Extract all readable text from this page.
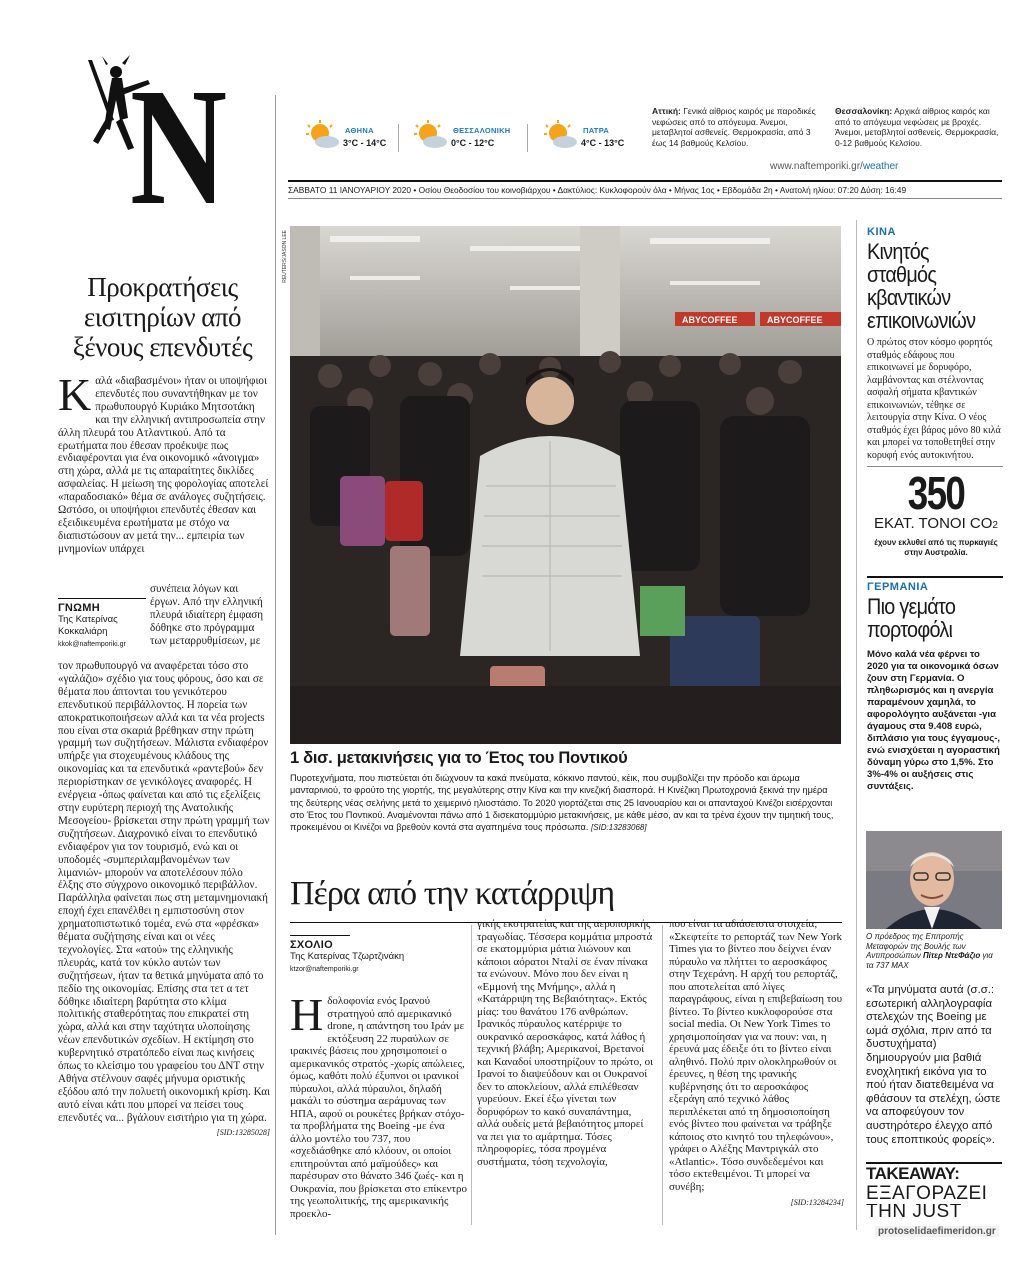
N
Προκρατήσεις εισιτηρίων από ξένους επενδυτές
Καλά «διαβασμένοι» ήταν οι υποψήφιοι επενδυτές που συναντήθηκαν με τον πρωθυπουργό Κυριάκο Μητσοτάκη και την ελληνική αντιπροσωπεία στην άλλη πλευρά του Ατλαντικού. Από τα ερωτήματα που έθεσαν προέκυψε πως ενδιαφέρονται για ένα οικονομικό «άνοιγμα» στη χώρα, αλλά με τις απαραίτητες δικλίδες ασφαλείας. Η μείωση της φορολογίας αποτελεί «παραδοσιακό» θέμα σε ανάλογες συζητήσεις. Ωστόσο, οι υποψήφιοι επενδυτές έθεσαν και εξειδικευμένα ερωτήματα με στόχο να διαπιστώσουν αν μετά την... εμπειρία των μνημονίων υπάρχει
ΓΝΩΜΗ
Της Κατερίνας Κοκκαλιάρη
kkok@naftemporiki.gr
συνέπεια λόγων και έργων. Από την ελληνική πλευρά ιδιαίτερη έμφαση δόθηκε στο πρόγραμμα των μεταρρυθμίσεων, με
τον πρωθυπουργό να αναφέρεται τόσο στο «γαλάζιο» σχέδιο για τους φόρους, όσο και σε θέματα που άπτονται του γενικότερου επενδυτικού περιβάλλοντος. Η πορεία των αποκρατικοποιήσεων αλλά και τα νέα projects που είναι στα σκαριά βρέθηκαν στην πρώτη γραμμή των συζητήσεων. Μάλιστα ενδιαφέρον υπήρξε για στοχευμένους κλάδους της οικονομίας και τα επενδυτικά «ραντεβού» δεν περιορίστηκαν σε γενικόλογες αναφορές. Η ενέργεια -όπως φαίνεται και από τις εξελίξεις στην ευρύτερη περιοχή της Ανατολικής Μεσογείου- βρίσκεται στην πρώτη γραμμή των συζητήσεων. Διαχρονικό είναι το επενδυτικό ενδιαφέρον για τον τουρισμό, ενώ και οι υποδομές -συμπεριλαμβανομένων των λιμανιών- μπορούν να αποτελέσουν πόλο έλξης στο σύγχρονο οικονομικό περιβάλλον. Παράλληλα φαίνεται πως στη μεταμνημονιακή εποχή έχει επανέλθει η εμπιστοσύνη στον χρηματοπιστωτικό τομέα, ενώ στα «φρέσκα» θέματα συζήτησης είναι και οι νέες τεχνολογίες. Στα «ατού» της ελληνικής πλευράς, κατά τον κύκλο αυτών των συζητήσεων, ήταν τα θετικά μηνύματα από το πεδίο της οικονομίας. Επίσης στα τετ α τετ δόθηκε ιδιαίτερη βαρύτητα στο κλίμα πολιτικής σταθερότητας που επικρατεί στη χώρα, αλλά και στην ταχύτητα υλοποίησης νέων επενδυτικών σχεδίων. Η εκτίμηση στο κυβερνητικό στρατόπεδο είναι πως κινήσεις όπως το κλείσιμο του γραφείου του ΔΝΤ στην Αθήνα στέλνουν σαφές μήνυμα οριστικής εξόδου από την πολυετή οικονομική κρίση. Και αυτό είναι κάτι που μπορεί να πείσει τους επενδυτές να... βγάλουν εισιτήριο για τη χώρα.
[SID:13285028]
ΑΘΗΝΑ
3°C - 14°C
ΘΕΣΣΑΛΟΝΙΚΗ
0°C - 12°C
ΠΑΤΡΑ
4°C - 13°C
Αττική: Γενικά αίθριος καιρός με παροδικές νεφώσεις από το απόγευμα. Άνεμοι, μεταβλητοί ασθενείς. Θερμοκρασία, από 3 έως 14 βαθμούς Κελσίου.
Θεσσαλονίκη: Αρχικά αίθριος καιρός και από το απόγευμα νεφώσεις με βροχές. Άνεμοι, μεταβλητοί ασθενείς. Θερμοκρασία, 0-12 βαθμούς Κελσίου.
www.naftemporiki.gr/weather
ΣΑΒΒΑΤΟ 11 ΙΑΝΟΥΑΡΙΟΥ 2020 • Οσίου Θεοδοσίου του κοινοβιάρχου • Δακτύλιος: Κυκλοφορούν όλα • Μήνας 1ος • Εβδομάδα 2η • Ανατολή ηλίου: 07:20 Δύση: 16:49
REUTERS/JASON LEE
ABYCOFFEE	ABYCOFFEE
1 δισ. μετακινήσεις για το Έτος του Ποντικού
Πυροτεχνήματα, που πιστεύεται ότι διώχνουν τα κακά πνεύματα, κόκκινο παντού, κέικ, που συμβολίζει την πρόοδο και άρωμα μανταρινιού, το φρούτο της γιορτής, της μεγαλύτερης στην Κίνα και την κινεζική διασπορά. Η Κινέζικη Πρωτοχρονιά ξεκινά την ημέρα της δεύτερης νέας σελήνης μετά το χειμερινό ηλιοστάσιο. Το 2020 γιορτάζεται στις 25 Ιανουαρίου και οι απανταχού Κινέζοι εισέρχονται στο Έτος του Ποντικού. Αναμένονται πάνω από 1 δισεκατομμύριο μετακινήσεις, με κάθε μέσο, αν και τα τρένα έχουν την τιμητική τους, προκειμένου οι Κινέζοι να βρεθούν κοντά στα αγαπημένα τους πρόσωπα. [SID:13283068]
Πέρα από την κατάρριψη
ΣΧΟΛΙΟ
Της Κατερίνας Τζωρτζινάκη
ktzor@naftemporiki.gr
Ηδολοφονία ενός Ιρανού στρατηγού από αμερικανικό drone, η απάντηση του Ιράν με εκτόξευση 22 πυραύλων σε ιρακινές βάσεις που χρησιμοποιεί ο αμερικανικός στρατός -χωρίς απώλειες, όμως, καθότι πολύ έξυπνοι οι ιρανικοί πύραυλοι, αλλά πύραυλοι, δηλαδή μακάλι το σύστημα αεράμυνας των ΗΠΑ, αφού οι ρουκέτες βρήκαν στόχο- τα προβλήματα της Boeing -με ένα άλλο μοντέλο του 737, που «σχεδιάσθηκε από κλόουν, οι οποίοι επιτηρούνται από μαϊμούδες» και παρέσυραν στο θάνατο 346 ζωές- και η Ουκρανία, που βρίσκεται στο επίκεντρο της γεωπολιτικής, της αμερικανικής προεκλο-
γικής εκστρατείας και της αεροπορικής τραγωδίας. Τέσσερα κομμάτια μπροστά σε εκατομμύρια μάτια λιώνουν και κάποιοι αόρατοι Νταλί σε έναν πίνακα τα ενώνουν. Μόνο που δεν είναι η «Εμμονή της Μνήμης», αλλά η «Κατάρριψη της Βεβαιότητας». Εκτός μίας: του θανάτου 176 ανθρώπων. Ιρανικός πύραυλος κατέρριψε το ουκρανικό αεροσκάφος, κατά λάθος ή τεχνική βλάβη; Αμερικανοί, Βρετανοί και Καναδοί υποστηρίζουν το πρώτο, οι Ιρανοί το διαψεύδουν και οι Ουκρανοί δεν το αποκλείουν, αλλά επιλέθεσαν γυρεύουν. Εκεί έξω γίνεται των δορυφόρων το κακό συναπάντημα, αλλά ουδείς μετά βεβαιότητος μπορεί να πει για το αμάρτημα. Τόσες πληροφορίες, τόσα προγμένα συστήματα, τόση τεχνολογία,
που είναι τα αδιάσειστα στοιχεία; «Σκεφτείτε το ρεπορτάζ των New York Times για το βίντεο που δείχνει έναν πύραυλο να πλήττει το αεροσκάφος στην Τεχεράνη. Η αρχή του ρεπορτάζ, που αποτελείται από λίγες παραγράφους, είναι η επιβεβαίωση του βίντεο. Το βίντεο κυκλοφορούσε στα social media. Οι New York Times το χρησιμοποίησαν για να πουν: ναι, η έρευνά μας έδειξε ότι το βίντεο είναι αληθινό. Πολύ πριν ολοκληρωθούν οι έρευνες, η θέση της ιρανικής κυβέρνησης ότι το αεροσκάφος εξεράγη από τεχνικό λάθος περιπλέκεται από τη δημοσιοποίηση ενός βίντεο που φαίνεται να τράβηξε κάποιος στο κινητό του τηλεφώνου», γράφει ο Αλέξης Μαντριγκάλ στο «Atlantic». Τόσο συνδεδεμένοι και τόσο εκτεθειμένοι. Τι μπορεί να συνέβη;
[SID:13284234]
ΚΙΝΑ
Κινητός σταθμός κβαντικών επικοινωνιών
Ο πρώτος στον κόσμο φορητός σταθμός εδάφους που επικοινωνεί με δορυφόρο, λαμβάνοντας και στέλνοντας ασφαλή σήματα κβαντικών επικοινωνιών, τέθηκε σε λειτουργία στην Κίνα. Ο νέος σταθμός έχει βάρος μόνο 80 κιλά και μπορεί να τοποθετηθεί στην κορυφή ενός αυτοκινήτου.
350
ΕΚΑΤ. ΤΟΝΟΙ CO2
έχουν εκλυθεί από τις πυρκαγιές στην Αυστραλία.
ΓΕΡΜΑΝΙΑ
Πιο γεμάτο πορτοφόλι
Μόνο καλά νέα φέρνει το 2020 για τα οικονομικά όσων ζουν στη Γερμανία. Ο πληθωρισμός και η ανεργία παραμένουν χαμηλά, το αφορολόγητο αυξάνεται -για άγαμους στα 9.408 ευρώ, διπλάσιο για τους έγγαμους-, ενώ ενισχύεται η αγοραστική δύναμη γύρω στο 1,5%. Στο 3%-4% οι αυξήσεις στις συντάξεις.
Ο πρόεδρος της Επιτροπής Μεταφορών της Βουλής των Αντιπροσώπων Πίτερ ΝτεΦάζιο για τα 737 MAX
«Τα μηνύματα αυτά (σ.σ.: εσωτερική αλληλογραφία στελεχών της Boeing με ωμά σχόλια, πριν από τα δυστυχήματα) δημιουργούν μια βαθιά ενοχλητική εικόνα για το πού ήταν διατεθειμένα να φθάσουν τα στελέχη, ώστε να αποφεύγουν τον αυστηρότερο έλεγχο από τους εποπτικούς φορείς».
TAKEAWAY:
ΕΞΑΓΟΡΑΖΕΙ
ΤΗΝ JUST
protoselidaefimeridon.gr
